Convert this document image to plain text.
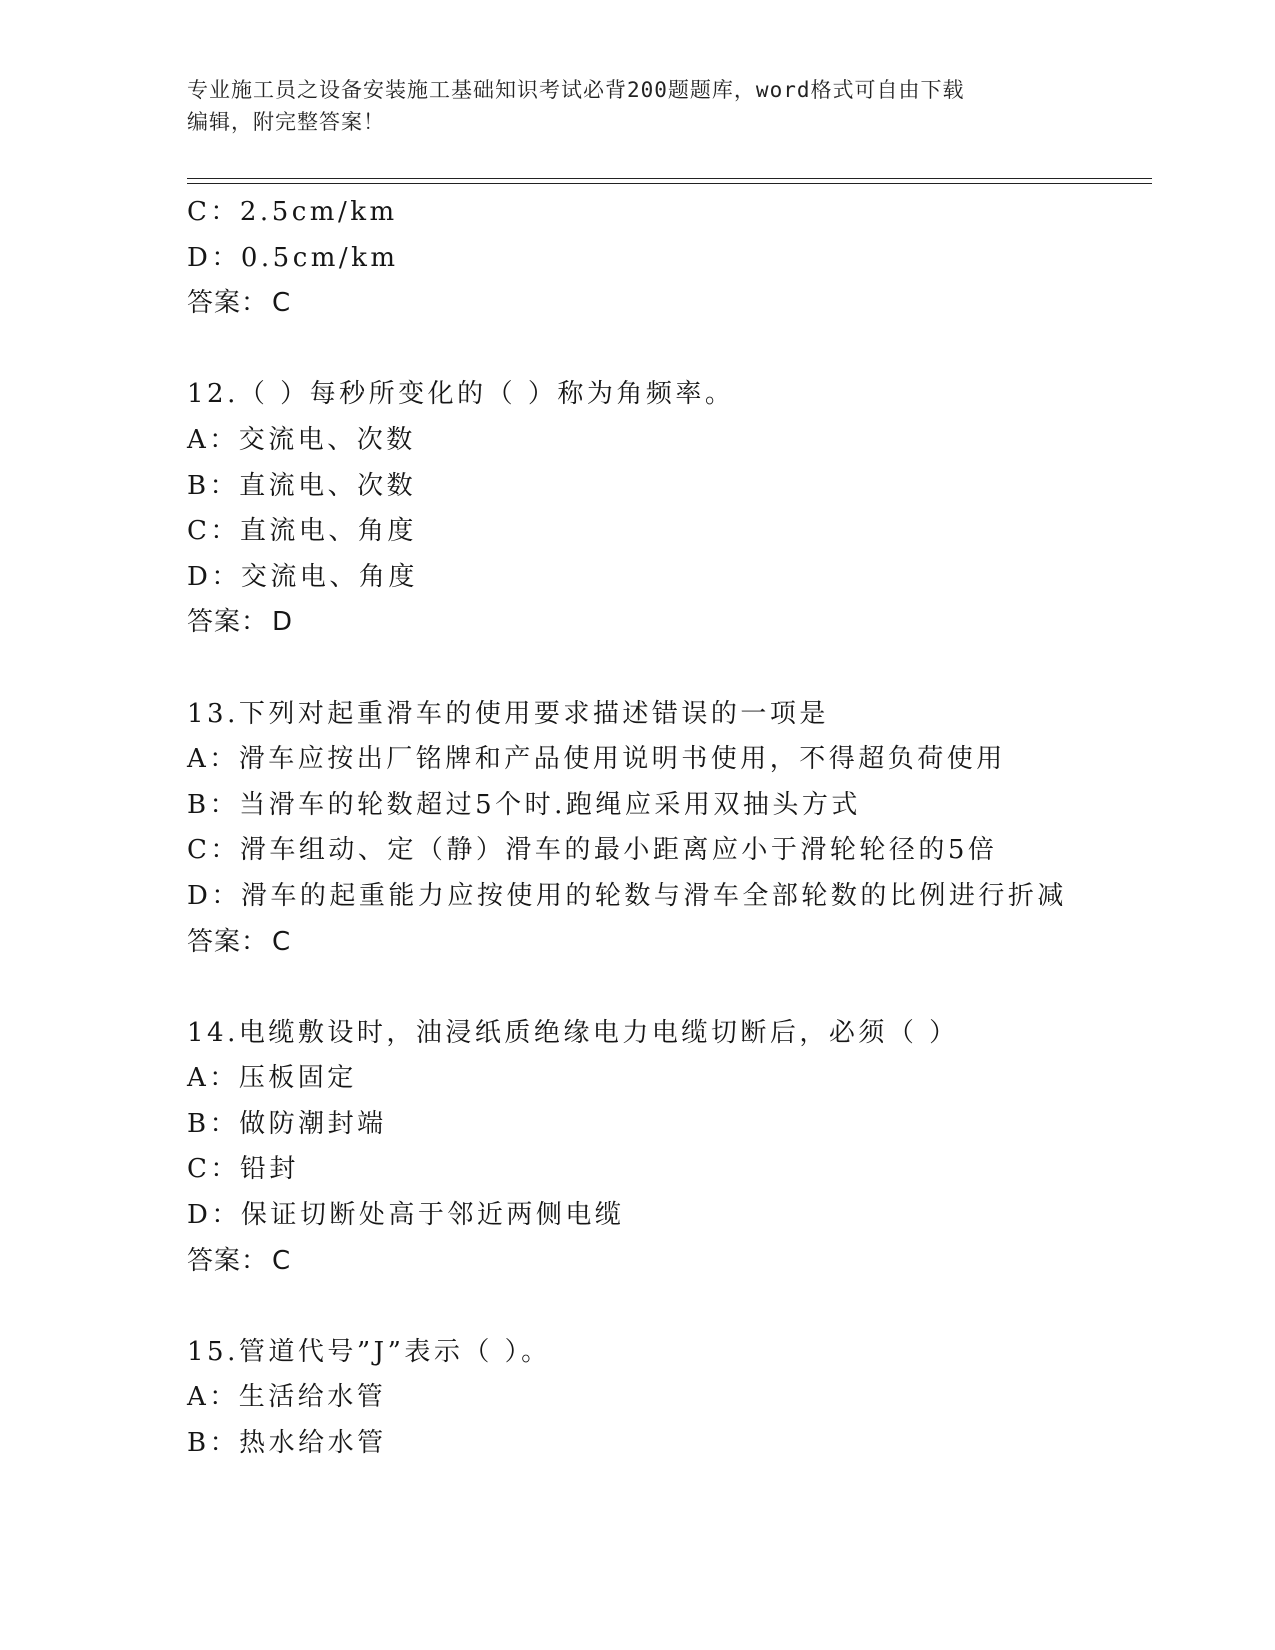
专业施工员之设备安装施工基础知识考试必背200题题库，word格式可自由下载
编辑，附完整答案！
C：2.5cm/km
D：0.5cm/km
答案： C
12.（ ）每秒所变化的（ ）称为角频率。
A：交流电、次数
B：直流电、次数
C：直流电、角度
D：交流电、角度
答案： D
13.下列对起重滑车的使用要求描述错误的一项是
A：滑车应按出厂铭牌和产品使用说明书使用，不得超负荷使用
B：当滑车的轮数超过5个时.跑绳应采用双抽头方式
C：滑车组动、定（静）滑车的最小距离应小于滑轮轮径的5倍
D：滑车的起重能力应按使用的轮数与滑车全部轮数的比例进行折减
答案： C
14.电缆敷设时，油浸纸质绝缘电力电缆切断后，必须（ ）
A：压板固定
B：做防潮封端
C：铅封
D：保证切断处高于邻近两侧电缆
答案： C
15.管道代号”J”表示（ ）。
A：生活给水管
B：热水给水管
